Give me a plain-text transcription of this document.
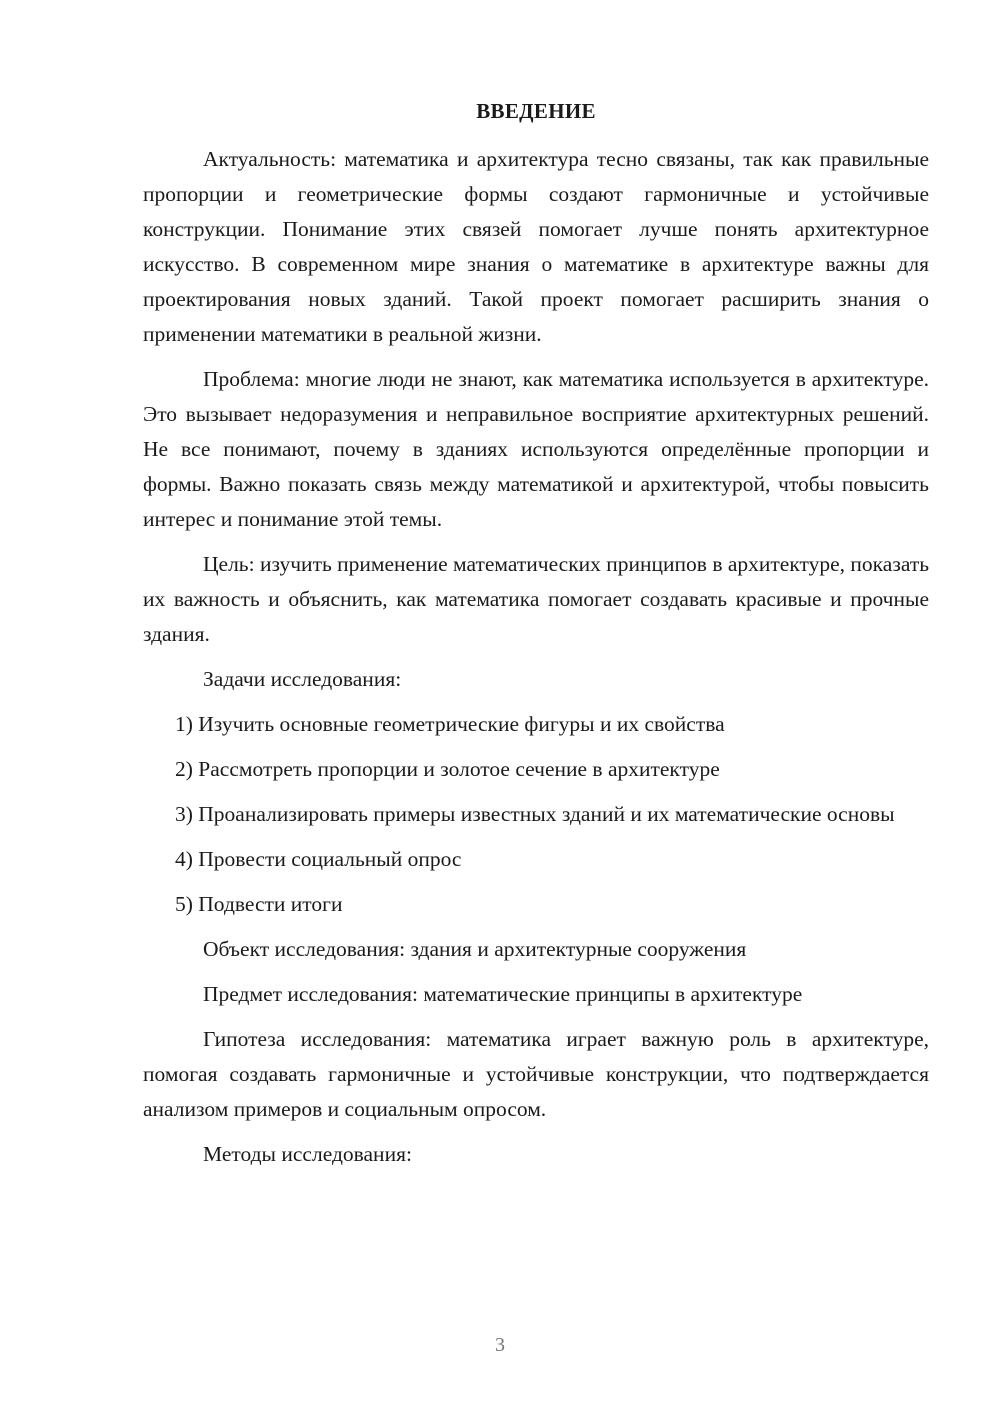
ВВЕДЕНИЕ

Актуальность: математика и архитектура тесно связаны, так как правильные пропорции и геометрические формы создают гармоничные и устойчивые конструкции. Понимание этих связей помогает лучше понять архитектурное искусство. В современном мире знания о математике в архитектуре важны для проектирования новых зданий. Такой проект помогает расширить знания о применении математики в реальной жизни.

Проблема: многие люди не знают, как математика используется в архитектуре. Это вызывает недоразумения и неправильное восприятие архитектурных решений. Не все понимают, почему в зданиях используются определённые пропорции и формы. Важно показать связь между математикой и архитектурой, чтобы повысить интерес и понимание этой темы.

Цель: изучить применение математических принципов в архитектуре, показать их важность и объяснить, как математика помогает создавать красивые и прочные здания.

Задачи исследования:

1) Изучить основные геометрические фигуры и их свойства

2) Рассмотреть пропорции и золотое сечение в архитектуре

3) Проанализировать примеры известных зданий и их математические основы

4) Провести социальный опрос

5) Подвести итоги

Объект исследования: здания и архитектурные сооружения

Предмет исследования: математические принципы в архитектуре

Гипотеза исследования: математика играет важную роль в архитектуре, помогая создавать гармоничные и устойчивые конструкции, что подтверждается анализом примеров и социальным опросом.

Методы исследования:

3
